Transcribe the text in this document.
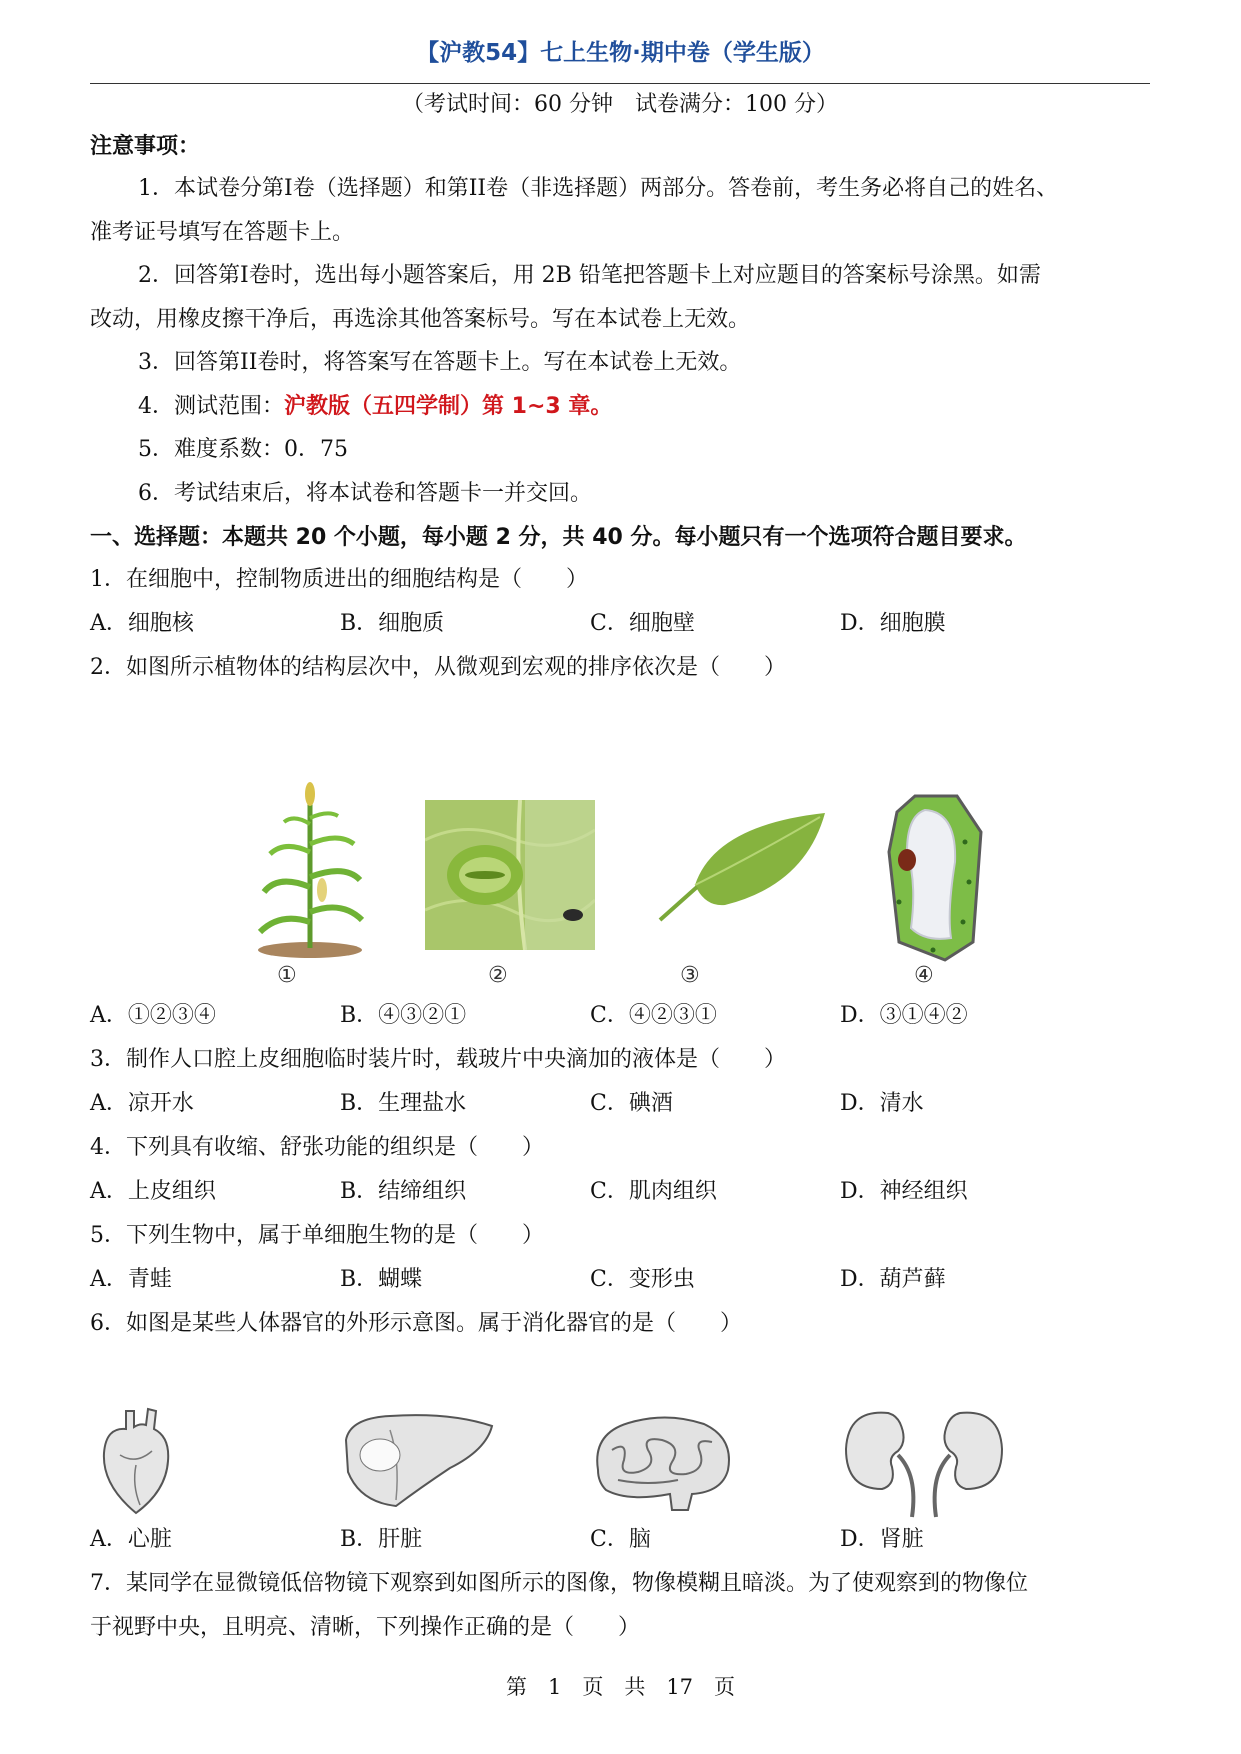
【沪教54】七上生物·期中卷（学生版）
（考试时间：60 分钟　试卷满分：100 分）
注意事项：
1．本试卷分第I卷（选择题）和第II卷（非选择题）两部分。答卷前，考生务必将自己的姓名、
准考证号填写在答题卡上。
2．回答第I卷时，选出每小题答案后，用 2B 铅笔把答题卡上对应题目的答案标号涂黑。如需
改动，用橡皮擦干净后，再选涂其他答案标号。写在本试卷上无效。
3．回答第II卷时，将答案写在答题卡上。写在本试卷上无效。
4．测试范围：沪教版（五四学制）第 1~3 章。
5．难度系数：0．75
6．考试结束后，将本试卷和答题卡一并交回。
一、选择题：本题共 20 个小题，每小题 2 分，共 40 分。每小题只有一个选项符合题目要求。
1．在细胞中，控制物质进出的细胞结构是（　　）
A．细胞核	B．细胞质	C．细胞壁	D．细胞膜
2．如图所示植物体的结构层次中，从微观到宏观的排序依次是（　　）
①	②	③	④
A．①②③④	B．④③②①	C．④②③①	D．③①④②
3．制作人口腔上皮细胞临时装片时，载玻片中央滴加的液体是（　　）
A．凉开水	B．生理盐水	C．碘酒	D．清水
4．下列具有收缩、舒张功能的组织是（　　）
A．上皮组织	B．结缔组织	C．肌肉组织	D．神经组织
5．下列生物中，属于单细胞生物的是（　　）
A．青蛙	B．蝴蝶	C．变形虫	D．葫芦藓
6．如图是某些人体器官的外形示意图。属于消化器官的是（　　）
A．心脏	B．肝脏	C．脑	D．肾脏
7．某同学在显微镜低倍物镜下观察到如图所示的图像，物像模糊且暗淡。为了使观察到的物像位
于视野中央，且明亮、清晰，下列操作正确的是（　　）
第　1　页　共　17　页
